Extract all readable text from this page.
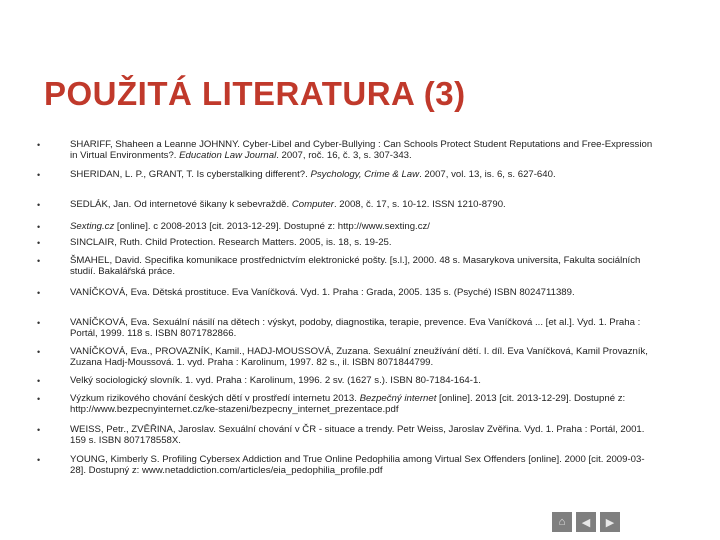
POUŽITÁ LITERATURA (3)
•	SHARIFF, Shaheen a Leanne JOHNNY. Cyber-Libel and Cyber-Bullying : Can Schools Protect Student Reputations and Free-Expression in Virtual Environments?. Education Law Journal. 2007, roč. 16, č. 3, s. 307-343.
•	SHERIDAN, L. P., GRANT, T. Is cyberstalking different?. Psychology, Crime & Law. 2007, vol. 13, is. 6, s. 627-640.
•	SEDLÁK, Jan. Od internetové šikany k sebevraždě. Computer. 2008, č. 17, s. 10-12. ISSN 1210-8790.
•	Sexting.cz [online]. c 2008-2013 [cit. 2013-12-29]. Dostupné z: http://www.sexting.cz/
•	SINCLAIR, Ruth. Child Protection. Research Matters. 2005, is. 18, s. 19-25.
•	ŠMAHEL, David. Specifika komunikace prostřednictvím elektronické pošty. [s.l.], 2000. 48 s. Masarykova universita, Fakulta sociálních studií. Bakalářská práce.
•	VANÍČKOVÁ, Eva. Dětská prostituce. Eva Vaníčková. Vyd. 1. Praha : Grada, 2005. 135 s. (Psyché) ISBN 8024711389.
•	VANÍČKOVÁ, Eva. Sexuální násilí na dětech : výskyt, podoby, diagnostika, terapie, prevence. Eva Vaníčková ... [et al.]. Vyd. 1. Praha : Portál, 1999. 118 s. ISBN 8071782866.
•	VANÍČKOVÁ, Eva., PROVAZNÍK, Kamil., HADJ-MOUSSOVÁ, Zuzana. Sexuální zneužívání dětí. I. díl. Eva Vaníčková, Kamil Provazník, Zuzana Hadj-Moussová. 1. vyd. Praha : Karolinum, 1997. 82 s., il. ISBN 8071844799.
•	Velký sociologický slovník. 1. vyd. Praha : Karolinum, 1996. 2 sv. (1627 s.). ISBN 80-7184-164-1.
•	Výzkum rizikového chování českých dětí v prostředí internetu 2013. Bezpečný internet [online]. 2013 [cit. 2013-12-29]. Dostupné z: http://www.bezpecnyinternet.cz/ke-stazeni/bezpecny_internet_prezentace.pdf
•	WEISS, Petr., ZVĚŘINA, Jaroslav. Sexuální chování v ČR - situace a trendy. Petr Weiss, Jaroslav Zvěřina. Vyd. 1. Praha : Portál, 2001. 159 s. ISBN 807178558X.
•	YOUNG, Kimberly S. Profiling Cybersex Addiction and True Online Pedophilia among Virtual Sex Offenders [online]. 2000 [cit. 2009-03-28]. Dostupný z: www.netaddiction.com/articles/eia_pedophilia_profile.pdf
⌂ ◀ ▶
